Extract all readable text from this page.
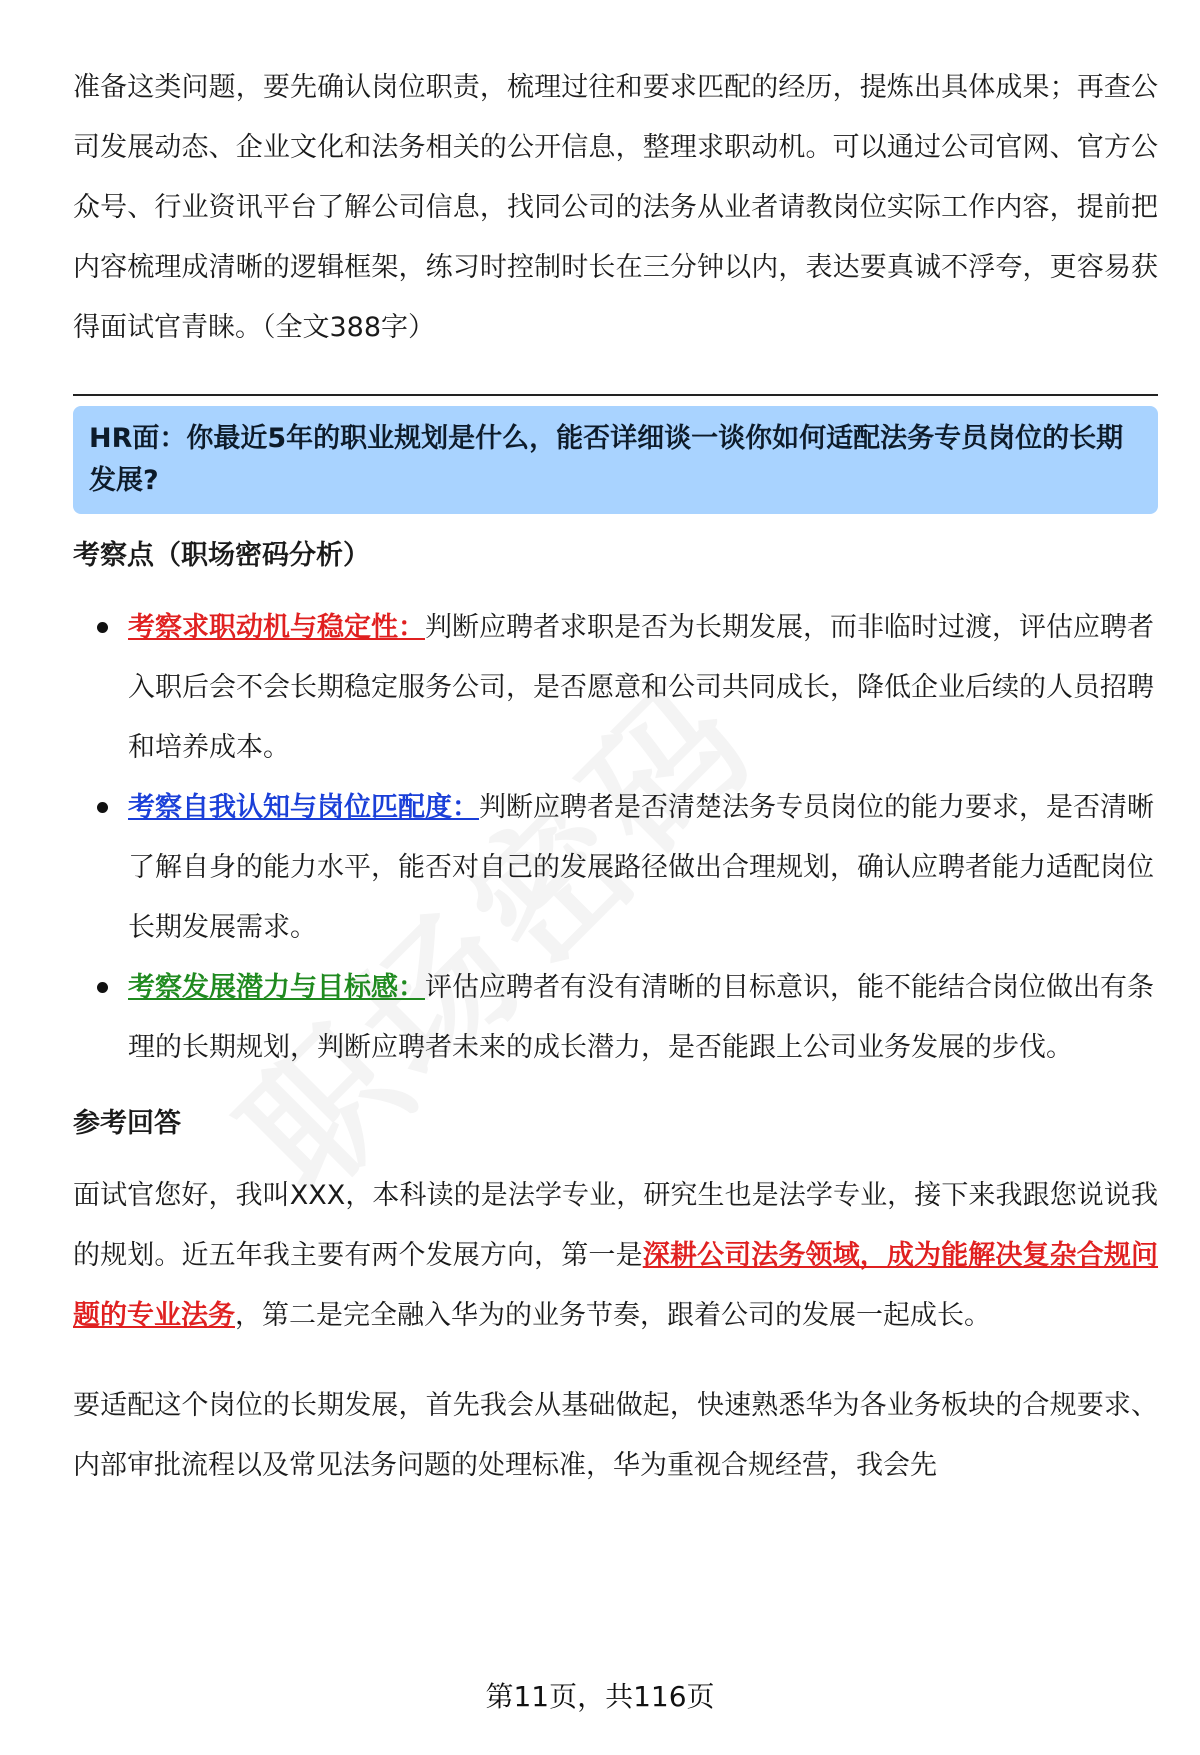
准备这类问题，要先确认岗位职责，梳理过往和要求匹配的经历，提炼出具体成果；再查公司发展动态、企业文化和法务相关的公开信息，整理求职动机。可以通过公司官网、官方公众号、行业资讯平台了解公司信息，找同公司的法务从业者请教岗位实际工作内容，提前把内容梳理成清晰的逻辑框架，练习时控制时长在三分钟以内，表达要真诚不浮夸，更容易获得面试官青睐。（全文388字）

HR面：你最近5年的职业规划是什么，能否详细谈一谈你如何适配法务专员岗位的长期发展?
考察点（职场密码分析）
考察求职动机与稳定性：判断应聘者求职是否为长期发展，而非临时过渡，评估应聘者入职后会不会长期稳定服务公司，是否愿意和公司共同成长，降低企业后续的人员招聘和培养成本。
考察自我认知与岗位匹配度：判断应聘者是否清楚法务专员岗位的能力要求，是否清晰了解自身的能力水平，能否对自己的发展路径做出合理规划，确认应聘者能力适配岗位长期发展需求。
考察发展潜力与目标感：评估应聘者有没有清晰的目标意识，能不能结合岗位做出有条理的长期规划，判断应聘者未来的成长潜力，是否能跟上公司业务发展的步伐。
参考回答

面试官您好，我叫XXX，本科读的是法学专业，研究生也是法学专业，接下来我跟您说说我的规划。近五年我主要有两个发展方向，第一是深耕公司法务领域，成为能解决复杂合规问题的专业法务，第二是完全融入华为的业务节奏，跟着公司的发展一起成长。

要适配这个岗位的长期发展，首先我会从基础做起，快速熟悉华为各业务板块的合规要求、内部审批流程以及常见法务问题的处理标准，华为重视合规经营，我会先

第11页，共116页
